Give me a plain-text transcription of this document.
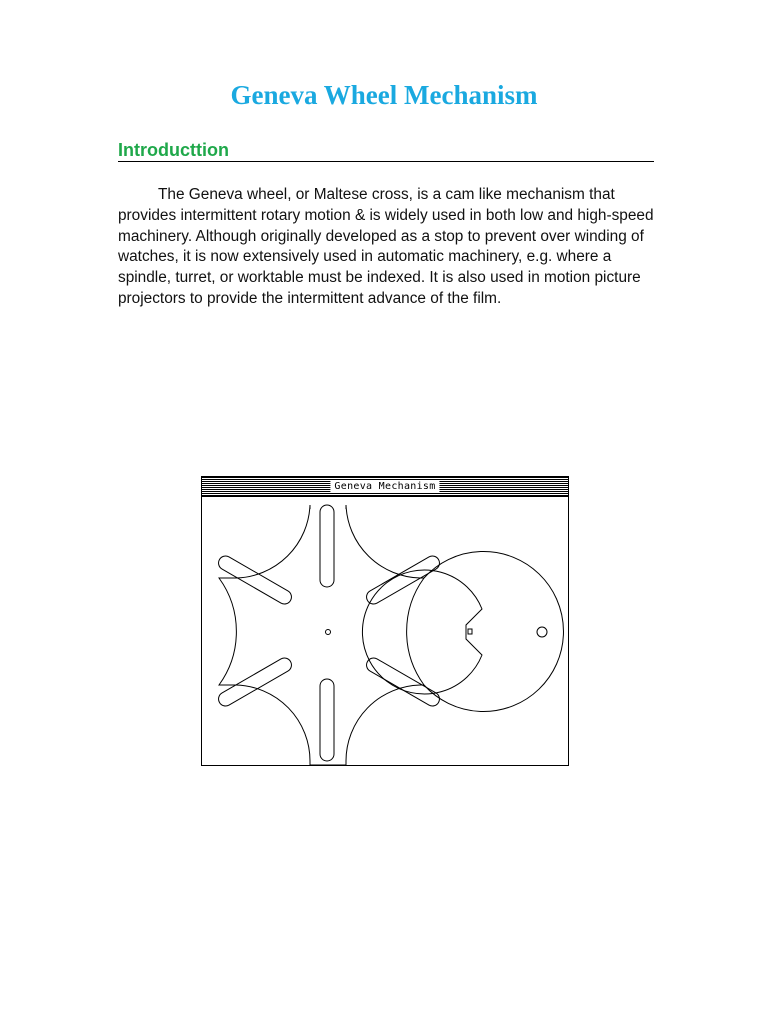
Geneva Wheel Mechanism
Introducttion

The Geneva wheel, or Maltese cross, is a cam like mechanism that provides intermittent rotary motion & is widely used in both low and high-speed machinery. Although originally developed as a stop to prevent over winding of watches, it is now extensively used in automatic machinery, e.g. where a spindle, turret, or worktable must be indexed. It is also used in motion picture projectors to provide the intermittent advance of the film.

Geneva Mechanism
